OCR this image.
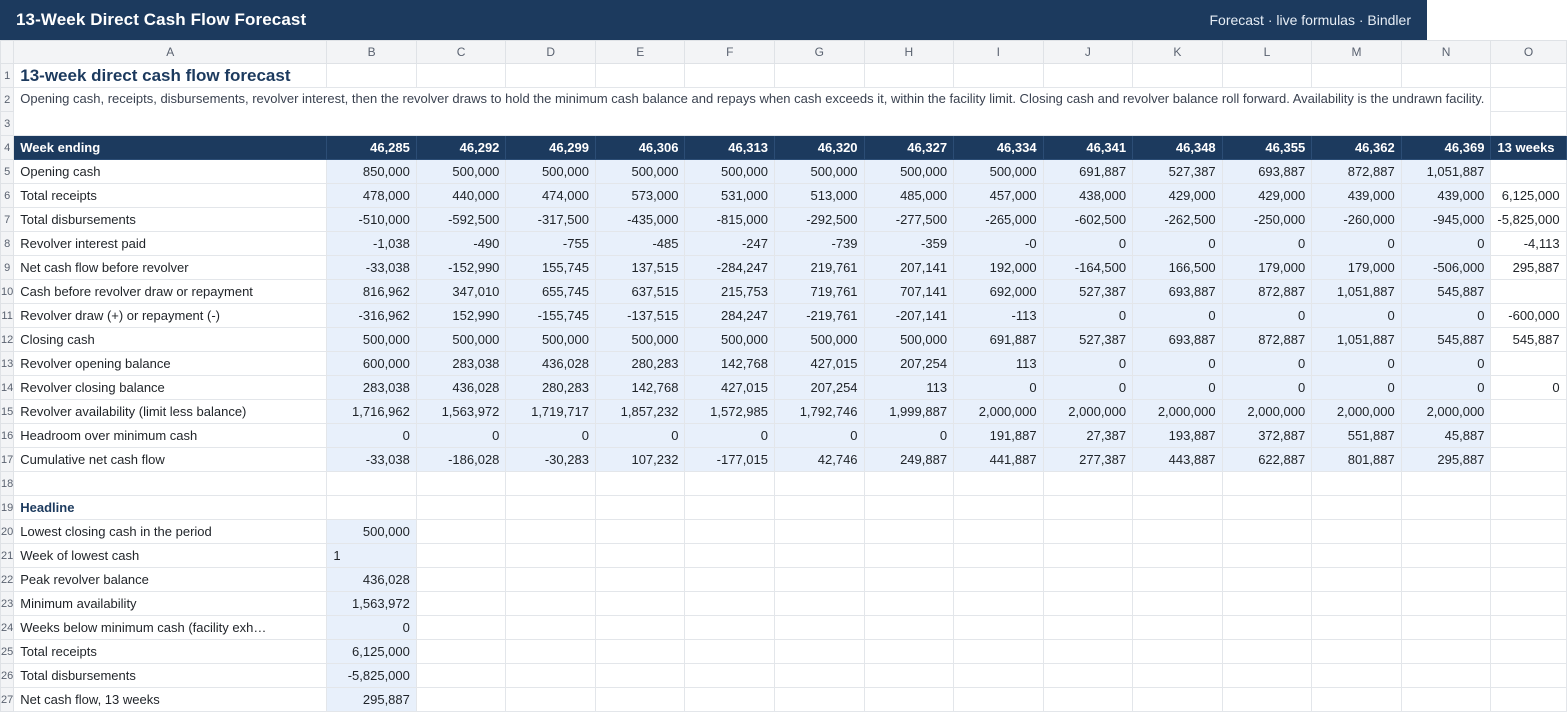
13-Week Direct Cash Flow Forecast	Forecast · live formulas · Bindler
	A	B	C	D	E	F	G	H	I	J	K	L	M	N	O
1	13-week direct cash flow forecast														
2	Opening cash, receipts, disbursements, revolver interest, then the revolver draws to hold the minimum cash balance and repays when cash exceeds it, within the facility limit. Closing cash and revolver balance roll forward. Availability is the undrawn facility.														
3															
4	Week ending	46,285	46,292	46,299	46,306	46,313	46,320	46,327	46,334	46,341	46,348	46,355	46,362	46,369	13 weeks
5	Opening cash	850,000	500,000	500,000	500,000	500,000	500,000	500,000	500,000	691,887	527,387	693,887	872,887	1,051,887	
6	Total receipts	478,000	440,000	474,000	573,000	531,000	513,000	485,000	457,000	438,000	429,000	429,000	439,000	439,000	6,125,000
7	Total disbursements	-510,000	-592,500	-317,500	-435,000	-815,000	-292,500	-277,500	-265,000	-602,500	-262,500	-250,000	-260,000	-945,000	-5,825,000
8	Revolver interest paid	-1,038	-490	-755	-485	-247	-739	-359	-0	0	0	0	0	0	-4,113
9	Net cash flow before revolver	-33,038	-152,990	155,745	137,515	-284,247	219,761	207,141	192,000	-164,500	166,500	179,000	179,000	-506,000	295,887
10	Cash before revolver draw or repayment	816,962	347,010	655,745	637,515	215,753	719,761	707,141	692,000	527,387	693,887	872,887	1,051,887	545,887	
11	Revolver draw (+) or repayment (-)	-316,962	152,990	-155,745	-137,515	284,247	-219,761	-207,141	-113	0	0	0	0	0	-600,000
12	Closing cash	500,000	500,000	500,000	500,000	500,000	500,000	500,000	691,887	527,387	693,887	872,887	1,051,887	545,887	545,887
13	Revolver opening balance	600,000	283,038	436,028	280,283	142,768	427,015	207,254	113	0	0	0	0	0	
14	Revolver closing balance	283,038	436,028	280,283	142,768	427,015	207,254	113	0	0	0	0	0	0	0
15	Revolver availability (limit less balance)	1,716,962	1,563,972	1,719,717	1,857,232	1,572,985	1,792,746	1,999,887	2,000,000	2,000,000	2,000,000	2,000,000	2,000,000	2,000,000	
16	Headroom over minimum cash	0	0	0	0	0	0	0	191,887	27,387	193,887	372,887	551,887	45,887	
17	Cumulative net cash flow	-33,038	-186,028	-30,283	107,232	-177,015	42,746	249,887	441,887	277,387	443,887	622,887	801,887	295,887	
18															
19	Headline														
20	Lowest closing cash in the period	500,000													
21	Week of lowest cash	1													
22	Peak revolver balance	436,028													
23	Minimum availability	1,563,972													
24	Weeks below minimum cash (facility exh…	0													
25	Total receipts	6,125,000													
26	Total disbursements	-5,825,000													
27	Net cash flow, 13 weeks	295,887													
